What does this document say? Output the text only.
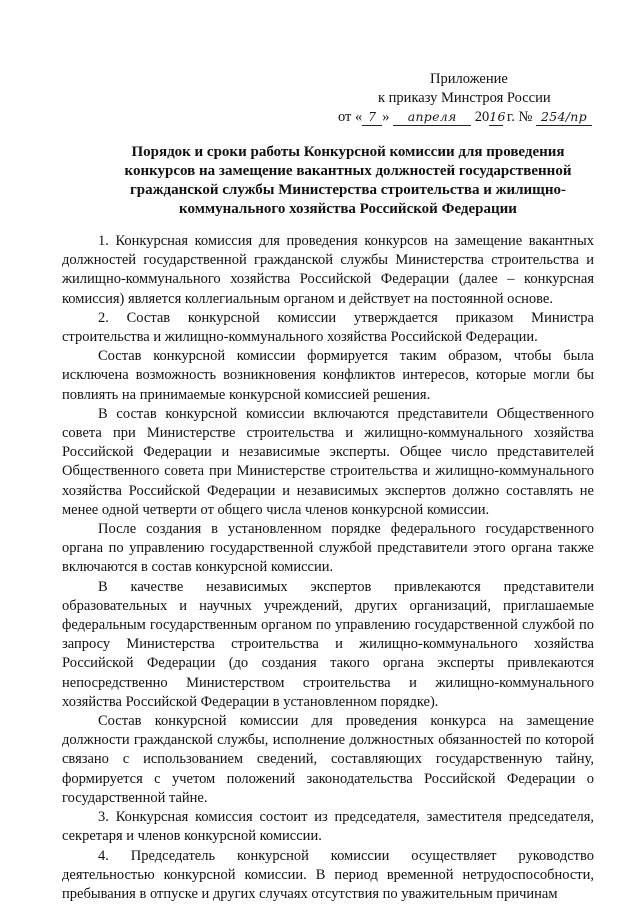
Приложение
к приказу Минстроя России
от « 7 » апреля 2016 г. № 254/пр
Порядок и сроки работы Конкурсной комиссии для проведения конкурсов на замещение вакантных должностей государственной гражданской службы Министерства строительства и жилищно-коммунального хозяйства Российской Федерации

1. Конкурсная комиссия для проведения конкурсов на замещение вакантных должностей государственной гражданской службы Министерства строительства и жилищно-коммунального хозяйства Российской Федерации (далее – конкурсная комиссия) является коллегиальным органом и действует на постоянной основе.

2. Состав конкурсной комиссии утверждается приказом Министра строительства и жилищно-коммунального хозяйства Российской Федерации.

Состав конкурсной комиссии формируется таким образом, чтобы была исключена возможность возникновения конфликтов интересов, которые могли бы повлиять на принимаемые конкурсной комиссией решения.

В состав конкурсной комиссии включаются представители Общественного совета при Министерстве строительства и жилищно-коммунального хозяйства Российской Федерации и независимые эксперты. Общее число представителей Общественного совета при Министерстве строительства и жилищно-коммунального хозяйства Российской Федерации и независимых экспертов должно составлять не менее одной четверти от общего числа членов конкурсной комиссии.

После создания в установленном порядке федерального государственного органа по управлению государственной службой представители этого органа также включаются в состав конкурсной комиссии.

В качестве независимых экспертов привлекаются представители образовательных и научных учреждений, других организаций, приглашаемые федеральным государственным органом по управлению государственной службой по запросу Министерства строительства и жилищно-коммунального хозяйства Российской Федерации (до создания такого органа эксперты привлекаются непосредственно Министерством строительства и жилищно-коммунального хозяйства Российской Федерации в установленном порядке).

Состав конкурсной комиссии для проведения конкурса на замещение должности гражданской службы, исполнение должностных обязанностей по которой связано с использованием сведений, составляющих государственную тайну, формируется с учетом положений законодательства Российской Федерации о государственной тайне.

3. Конкурсная комиссия состоит из председателя, заместителя председателя, секретаря и членов конкурсной комиссии.

4. Председатель конкурсной комиссии осуществляет руководство деятельностью конкурсной комиссии. В период временной нетрудоспособности, пребывания в отпуске и других случаях отсутствия по уважительным причинам
